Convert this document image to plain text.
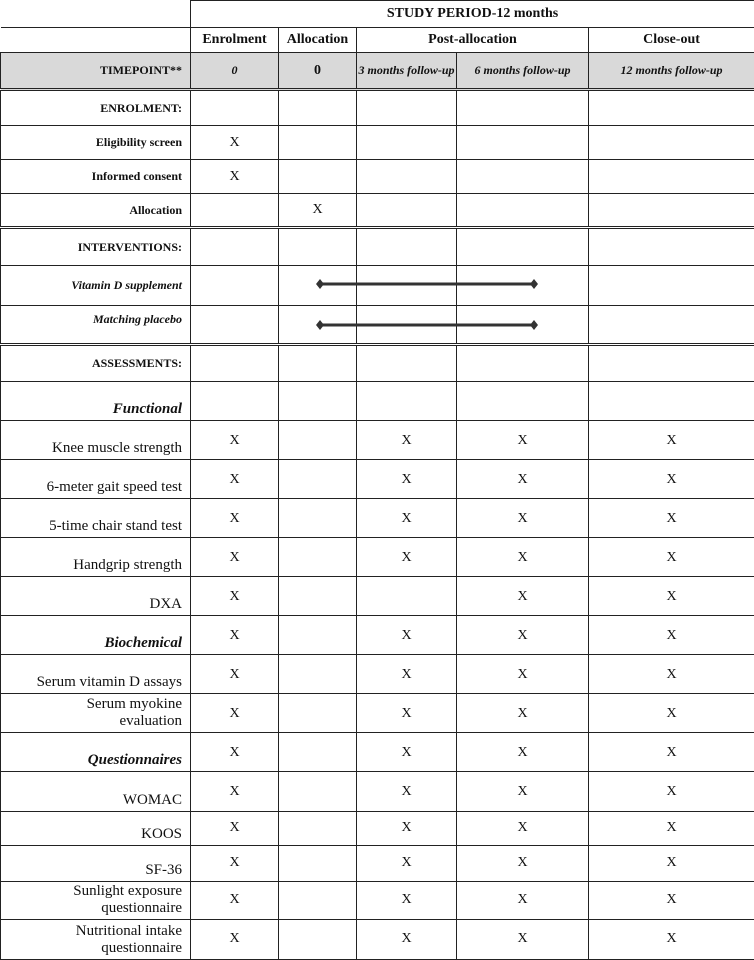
	STUDY PERIOD-12 months				
	Enrolment	Allocation	Post-allocation		Close-out
TIMEPOINT**	0	0	3 months follow-up	6 months follow-up	12 months follow-up
ENROLMENT:					
Eligibility screen	X				
Informed consent	X				
Allocation		X			
INTERVENTIONS:					
Vitamin D supplement					
Matching placebo					
ASSESSMENTS:					
Functional					
Knee muscle strength	X		X	X	X
6-meter gait speed test	X		X	X	X
5-time chair stand test	X		X	X	X
Handgrip strength	X		X	X	X
DXA	X			X	X
Biochemical	X		X	X	X
Serum vitamin D assays	X		X	X	X
Serum myokine evaluation	X		X	X	X
Questionnaires	X		X	X	X
WOMAC	X		X	X	X
KOOS	X		X	X	X
SF-36	X		X	X	X
Sunlight exposure questionnaire	X		X	X	X
Nutritional intake questionnaire	X		X	X	X
